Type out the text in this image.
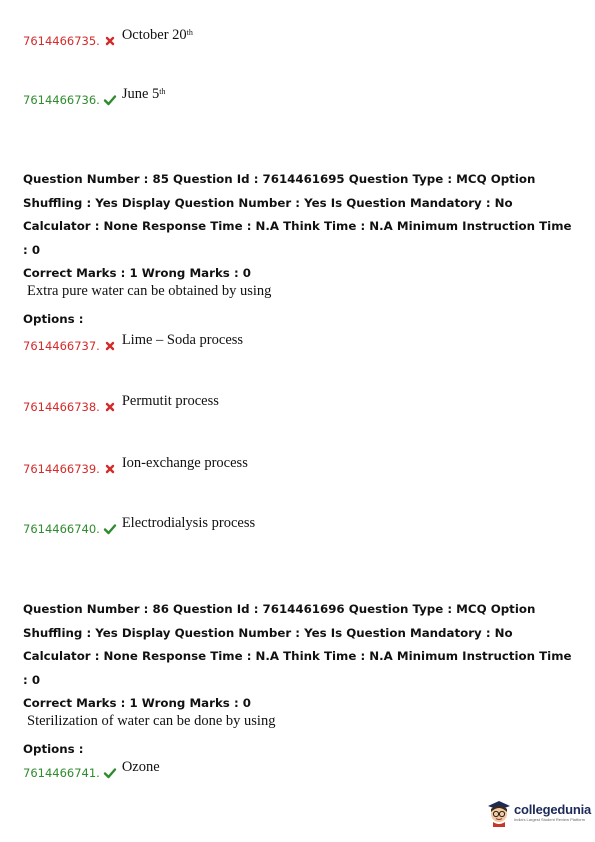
7614466735. October 20th
7614466736. June 5th

Question Number : 85 Question Id : 7614461695 Question Type : MCQ Option Shuffling : Yes Display Question Number : Yes Is Question Mandatory : No Calculator : None Response Time : N.A Think Time : N.A Minimum Instruction Time : 0

Correct Marks : 1 Wrong Marks : 0

Extra pure water can be obtained by using

Options :

7614466737. Lime – Soda process
7614466738. Permutit process
7614466739. Ion-exchange process
7614466740. Electrodialysis process

Question Number : 86 Question Id : 7614461696 Question Type : MCQ Option Shuffling : Yes Display Question Number : Yes Is Question Mandatory : No Calculator : None Response Time : N.A Think Time : N.A Minimum Instruction Time : 0

Correct Marks : 1 Wrong Marks : 0

Sterilization of water can be done by using

Options :

7614466741. Ozone
collegedunia
India's Largest Student Review Platform
